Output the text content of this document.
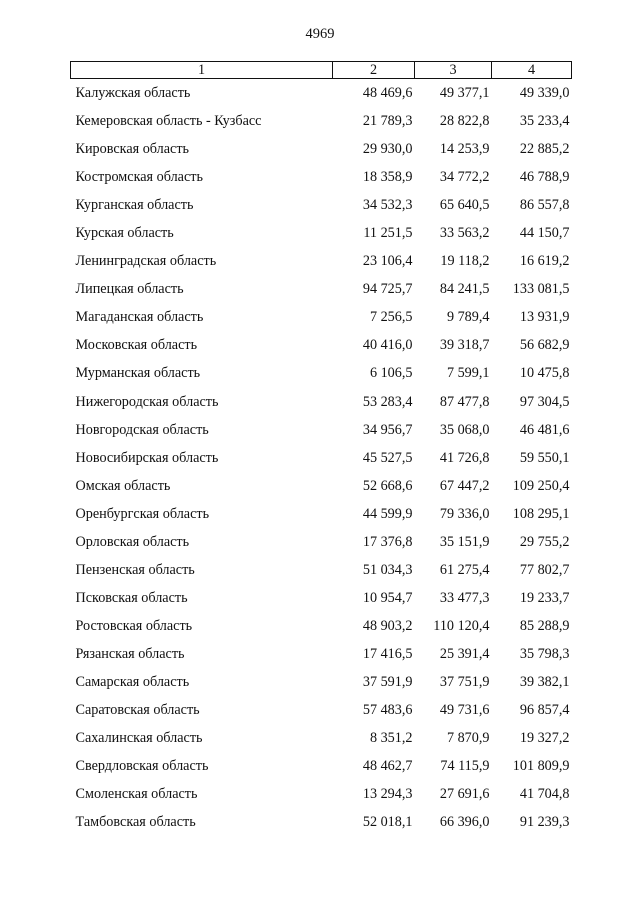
4969
1	2	3	4
Калужская область	48 469,6	49 377,1	49 339,0
Кемеровская область - Кузбасс	21 789,3	28 822,8	35 233,4
Кировская область	29 930,0	14 253,9	22 885,2
Костромская область	18 358,9	34 772,2	46 788,9
Курганская область	34 532,3	65 640,5	86 557,8
Курская область	11 251,5	33 563,2	44 150,7
Ленинградская область	23 106,4	19 118,2	16 619,2
Липецкая область	94 725,7	84 241,5	133 081,5
Магаданская область	7 256,5	9 789,4	13 931,9
Московская область	40 416,0	39 318,7	56 682,9
Мурманская область	6 106,5	7 599,1	10 475,8
Нижегородская область	53 283,4	87 477,8	97 304,5
Новгородская область	34 956,7	35 068,0	46 481,6
Новосибирская область	45 527,5	41 726,8	59 550,1
Омская область	52 668,6	67 447,2	109 250,4
Оренбургская область	44 599,9	79 336,0	108 295,1
Орловская область	17 376,8	35 151,9	29 755,2
Пензенская область	51 034,3	61 275,4	77 802,7
Псковская область	10 954,7	33 477,3	19 233,7
Ростовская область	48 903,2	110 120,4	85 288,9
Рязанская область	17 416,5	25 391,4	35 798,3
Самарская область	37 591,9	37 751,9	39 382,1
Саратовская область	57 483,6	49 731,6	96 857,4
Сахалинская область	8 351,2	7 870,9	19 327,2
Свердловская область	48 462,7	74 115,9	101 809,9
Смоленская область	13 294,3	27 691,6	41 704,8
Тамбовская область	52 018,1	66 396,0	91 239,3
